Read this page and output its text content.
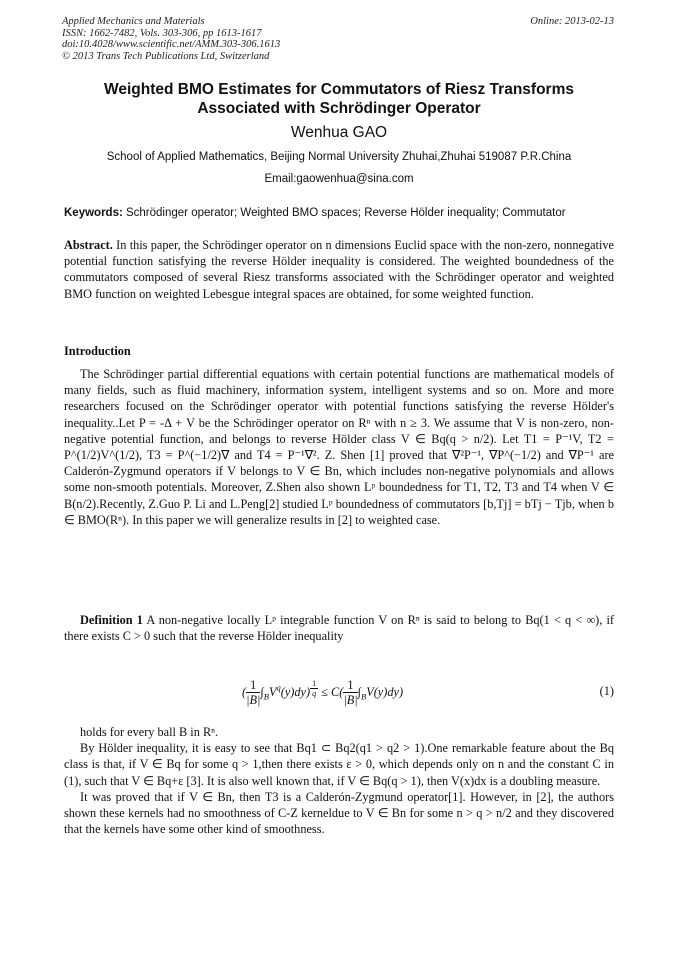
Applied Mechanics and Materials
ISSN: 1662-7482, Vols. 303-306, pp 1613-1617
doi:10.4028/www.scientific.net/AMM.303-306.1613
© 2013 Trans Tech Publications Ltd, Switzerland
Online: 2013-02-13
Weighted BMO Estimates for Commutators of Riesz Transforms
Associated with Schrödinger Operator
Wenhua GAO
School of Applied Mathematics, Beijing Normal University Zhuhai,Zhuhai 519087 P.R.China
Email:gaowenhua@sina.com
Keywords: Schrödinger operator; Weighted BMO spaces; Reverse Hölder inequality; Commutator

Abstract. In this paper, the Schrödinger operator on n dimensions Euclid space with the non-zero, nonnegative potential function satisfying the reverse Hölder inequality is considered. The weighted boundedness of the commutators composed of several Riesz transforms associated with the Schrödinger operator and weighted BMO function on weighted Lebesgue integral spaces are obtained, for some weighted function.

Introduction

The Schrödinger partial differential equations with certain potential functions are mathematical models of many fields, such as fluid machinery, information system, intelligent systems and so on. More and more researchers focused on the Schrödinger operator with potential functions satisfying the reverse Hölder's inequality..Let P = -Δ + V be the Schrödinger operator on Rⁿ with n ≥ 3. We assume that V is non-zero, non-negative potential function, and belongs to reverse Hölder class V ∈ Bq(q > n/2). Let T1 = P⁻¹V, T2 = P^(1/2)V^(1/2), T3 = P^(−1/2)∇ and T4 = P⁻¹∇². Z. Shen [1] proved that ∇²P⁻¹, ∇P^(−1/2) and ∇P⁻¹ are Calderón-Zygmund operators if V belongs to V ∈ Bn, which includes non-negative polynomials and allows some non-smooth potentials. Moreover, Z.Shen also shown Lᵖ boundedness for T1, T2, T3 and T4 when V ∈ B(n/2).Recently, Z.Guo P. Li and L.Peng[2] studied Lᵖ boundedness of commutators [b,Tj] = bTj − Tjb, when b ∈ BMO(Rⁿ). In this paper we will generalize results in [2] to weighted case.

Definition 1 A non-negative locally Lᵖ integrable function V on Rⁿ is said to belong to Bq(1 < q < ∞), if there exists C > 0 such that the reverse Hölder inequality

( $\frac{1}{|B|} \int_BV^q(y)dy$) $^{\frac{1}{q}} \le C( \frac{1}{|B|} \int_BV(y)dy)$	(1)

holds for every ball B in Rⁿ.

By Hölder inequality, it is easy to see that Bq1 ⊂ Bq2(q1 > q2 > 1).One remarkable feature about the Bq class is that, if V ∈ Bq for some q > 1,then there exists ε > 0, which depends only on n and the constant C in (1), such that V ∈ Bq+ε [3]. It is also well known that, if V ∈ Bq(q > 1), then V(x)dx is a doubling measure.

It was proved that if V ∈ Bn, then T3 is a Calderón-Zygmund operator[1]. However, in [2], the authors shown these kernels had no smoothness of C-Z kerneldue to V ∈ Bn for some n > q > n/2 and they discovered that the kernels have some other kind of smoothness.
